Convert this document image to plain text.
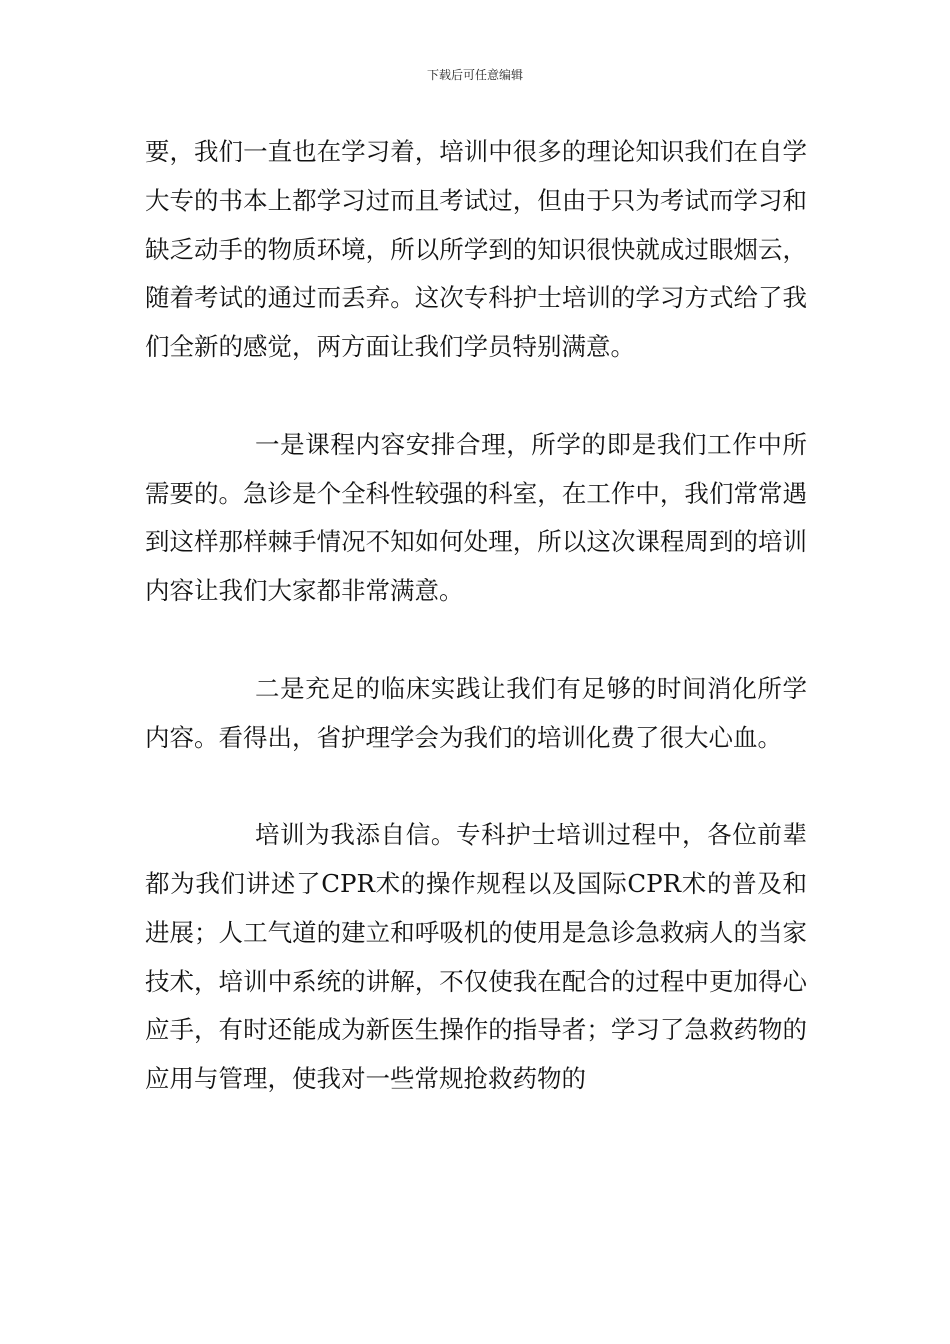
下载后可任意编辑

要，我们一直也在学习着，培训中很多的理论知识我们在自学大专的书本上都学习过而且考试过，但由于只为考试而学习和缺乏动手的物质环境，所以所学到的知识很快就成过眼烟云，随着考试的通过而丢弃。这次专科护士培训的学习方式给了我们全新的感觉，两方面让我们学员特别满意。

一是课程内容安排合理，所学的即是我们工作中所需要的。急诊是个全科性较强的科室，在工作中，我们常常遇到这样那样棘手情况不知如何处理，所以这次课程周到的培训内容让我们大家都非常满意。

二是充足的临床实践让我们有足够的时间消化所学内容。看得出，省护理学会为我们的培训化费了很大心血。

培训为我添自信。专科护士培训过程中，各位前辈都为我们讲述了CPR术的操作规程以及国际CPR术的普及和进展；人工气道的建立和呼吸机的使用是急诊急救病人的当家技术，培训中系统的讲解，不仅使我在配合的过程中更加得心应手，有时还能成为新医生操作的指导者；学习了急救药物的应用与管理，使我对一些常规抢救药物的
